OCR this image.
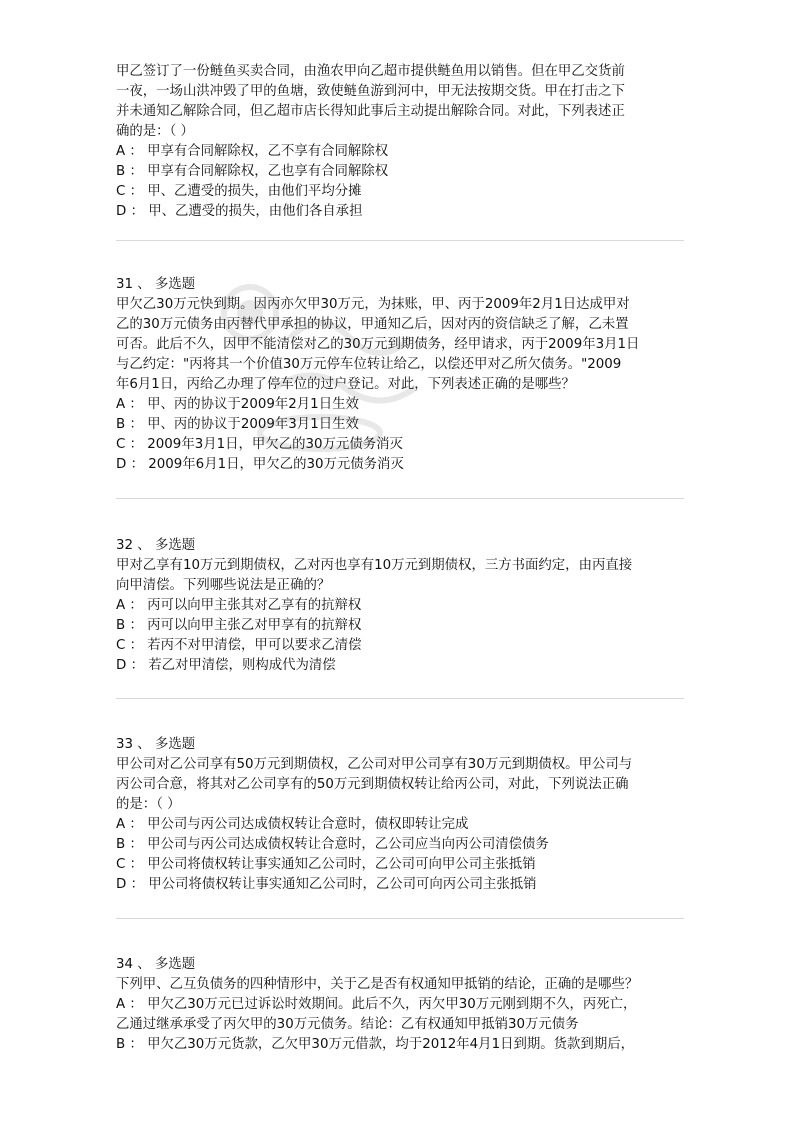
甲乙签订了一份鲢鱼买卖合同，由渔农甲向乙超市提供鲢鱼用以销售。但在甲乙交货前
一夜，一场山洪冲毁了甲的鱼塘，致使鲢鱼游到河中，甲无法按期交货。甲在打击之下
并未通知乙解除合同，但乙超市店长得知此事后主动提出解除合同。对此，下列表述正
确的是：（ ）
A ： 甲享有合同解除权，乙不享有合同解除权
B ： 甲享有合同解除权，乙也享有合同解除权
C ： 甲、乙遭受的损失，由他们平均分摊
D ： 甲、乙遭受的损失，由他们各自承担
31 、 多选题
甲欠乙30万元快到期。因丙亦欠甲30万元，为抹账，甲、丙于2009年2月1日达成甲对
乙的30万元债务由丙替代甲承担的协议，甲通知乙后，因对丙的资信缺乏了解，乙未置
可否。此后不久，因甲不能清偿对乙的30万元到期债务，经甲请求，丙于2009年3月1日
与乙约定："丙将其一个价值30万元停车位转让给乙，以偿还甲对乙所欠债务。"2009
年6月1日，丙给乙办理了停车位的过户登记。对此，下列表述正确的是哪些？
A ： 甲、丙的协议于2009年2月1日生效
B ： 甲、丙的协议于2009年3月1日生效
C ： 2009年3月1日，甲欠乙的30万元债务消灭
D ： 2009年6月1日，甲欠乙的30万元债务消灭
32 、 多选题
甲对乙享有10万元到期债权，乙对丙也享有10万元到期债权，三方书面约定，由丙直接
向甲清偿。下列哪些说法是正确的？
A ： 丙可以向甲主张其对乙享有的抗辩权
B ： 丙可以向甲主张乙对甲享有的抗辩权
C ： 若丙不对甲清偿，甲可以要求乙清偿
D ： 若乙对甲清偿，则构成代为清偿
33 、 多选题
甲公司对乙公司享有50万元到期债权，乙公司对甲公司享有30万元到期债权。甲公司与
丙公司合意，将其对乙公司享有的50万元到期债权转让给丙公司，对此，下列说法正确
的是：（ ）
A ： 甲公司与丙公司达成债权转让合意时，债权即转让完成
B ： 甲公司与丙公司达成债权转让合意时，乙公司应当向丙公司清偿债务
C ： 甲公司将债权转让事实通知乙公司时，乙公司可向甲公司主张抵销
D ： 甲公司将债权转让事实通知乙公司时，乙公司可向丙公司主张抵销
34 、 多选题
下列甲、乙互负债务的四种情形中，关于乙是否有权通知甲抵销的结论，正确的是哪些？
A ： 甲欠乙30万元已过诉讼时效期间。此后不久，丙欠甲30万元刚到期不久，丙死亡，
乙通过继承承受了丙欠甲的30万元债务。结论：乙有权通知甲抵销30万元债务
B ： 甲欠乙30万元货款，乙欠甲30万元借款，均于2012年4月1日到期。货款到期后，
